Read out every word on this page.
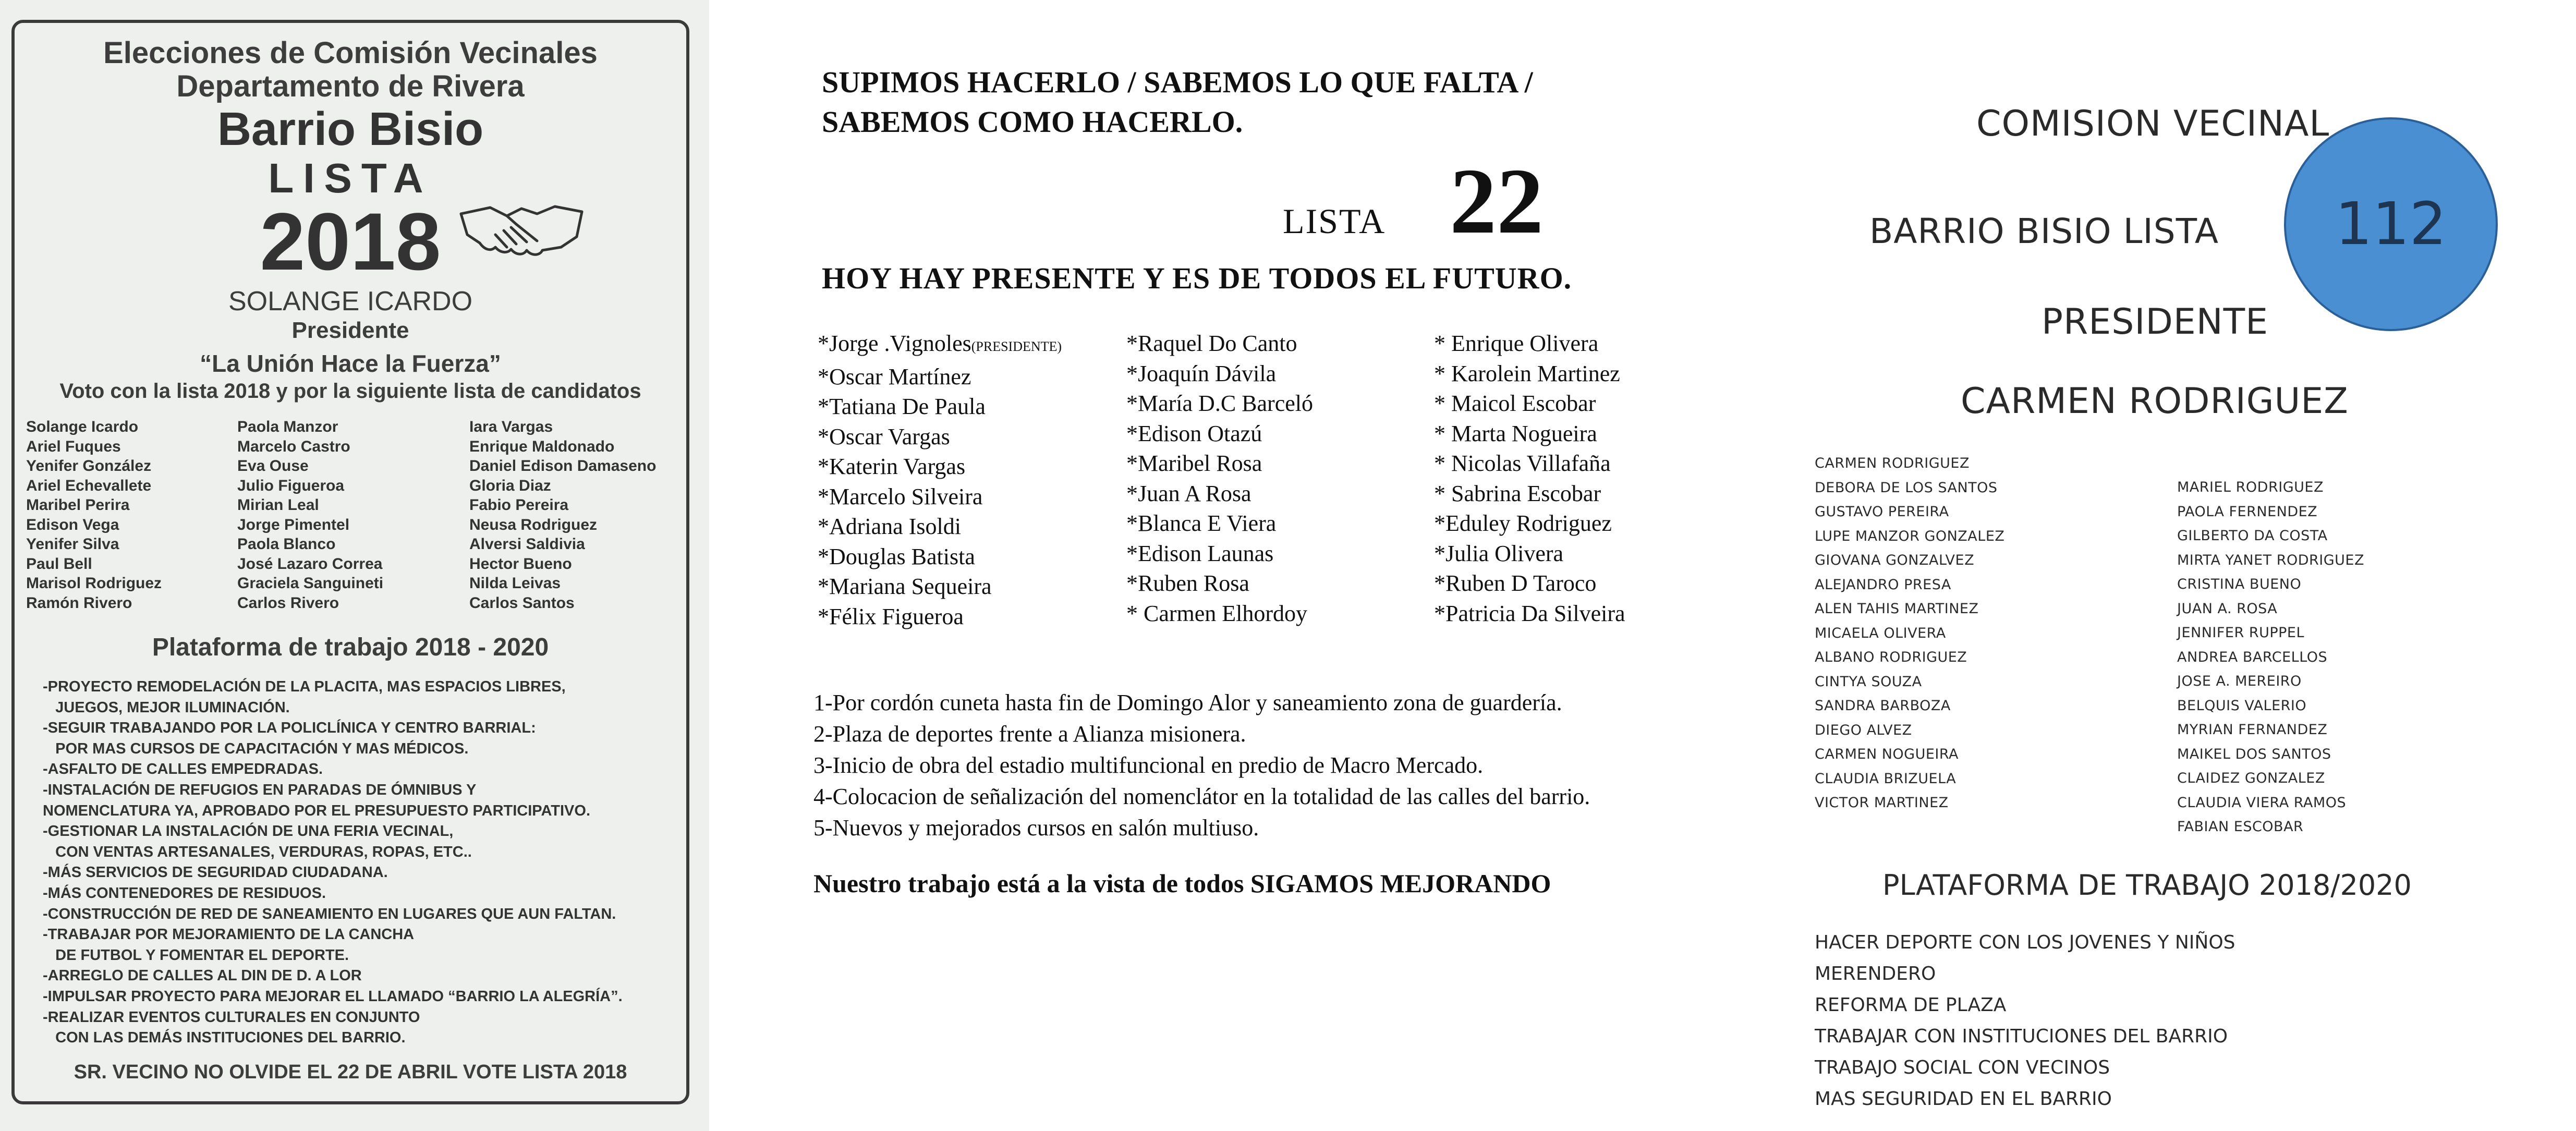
Elecciones de Comisión Vecinales
Departamento de Rivera
Barrio Bisio
LISTA
2018
SOLANGE ICARDO
Presidente
“La Unión Hace la Fuerza”
Voto con la lista 2018 y por la siguiente lista de candidatos
Solange Icardo
Ariel Fuques
Yenifer González
Ariel Echevallete
Maribel Perira
Edison Vega
Yenifer Silva
Paul Bell
Marisol Rodriguez
Ramón Rivero
Paola Manzor
Marcelo Castro
Eva Ouse
Julio Figueroa
Mirian Leal
Jorge Pimentel
Paola Blanco
José Lazaro Correa
Graciela Sanguineti
Carlos Rivero
Iara Vargas
Enrique Maldonado
Daniel Edison Damaseno
Gloria Diaz
Fabio Pereira
Neusa Rodriguez
Alversi Saldivia
Hector Bueno
Nilda Leivas
Carlos Santos
Plataforma de trabajo 2018 - 2020
-PROYECTO REMODELACIÓN DE LA PLACITA, MAS ESPACIOS LIBRES,
JUEGOS, MEJOR ILUMINACIÓN.
-SEGUIR TRABAJANDO POR LA POLICLÍNICA Y CENTRO BARRIAL:
POR MAS CURSOS DE CAPACITACIÓN Y MAS MÉDICOS.
-ASFALTO DE CALLES EMPEDRADAS.
-INSTALACIÓN DE REFUGIOS EN PARADAS DE ÓMNIBUS Y
NOMENCLATURA YA, APROBADO POR EL PRESUPUESTO PARTICIPATIVO.
-GESTIONAR LA INSTALACIÓN DE UNA FERIA VECINAL,
CON VENTAS ARTESANALES, VERDURAS, ROPAS, ETC..
-MÁS SERVICIOS DE SEGURIDAD CIUDADANA.
-MÁS CONTENEDORES DE RESIDUOS.
-CONSTRUCCIÓN DE RED DE SANEAMIENTO EN LUGARES QUE AUN FALTAN.
-TRABAJAR POR MEJORAMIENTO DE LA CANCHA
DE FUTBOL Y FOMENTAR EL DEPORTE.
-ARREGLO DE CALLES AL DIN DE D. A LOR
-IMPULSAR PROYECTO PARA MEJORAR EL LLAMADO “BARRIO LA ALEGRÍA”.
-REALIZAR EVENTOS CULTURALES EN CONJUNTO
CON LAS DEMÁS INSTITUCIONES DEL BARRIO.
SR. VECINO NO OLVIDE EL 22 DE ABRIL VOTE LISTA 2018
SUPIMOS HACERLO / SABEMOS LO QUE FALTA /
SABEMOS COMO HACERLO.
LISTA 22
HOY HAY PRESENTE Y ES DE TODOS EL FUTURO.
*Jorge .Vignoles(PRESIDENTE)
*Oscar Martínez
*Tatiana De Paula
*Oscar Vargas
*Katerin Vargas
*Marcelo Silveira
*Adriana Isoldi
*Douglas Batista
*Mariana Sequeira
*Félix Figueroa
*Raquel Do Canto
*Joaquín Dávila
*María D.C Barceló
*Edison Otazú
*Maribel Rosa
*Juan A Rosa
*Blanca E Viera
*Edison Launas
*Ruben Rosa
* Carmen Elhordoy
* Enrique Olivera
* Karolein Martinez
* Maicol Escobar
* Marta Nogueira
* Nicolas Villafaña
* Sabrina Escobar
*Eduley Rodriguez
*Julia Olivera
*Ruben D Taroco
*Patricia Da Silveira
1-Por cordón cuneta hasta fin de Domingo Alor y saneamiento zona de guardería.
2-Plaza de deportes frente a Alianza misionera.
3-Inicio de obra del estadio multifuncional en predio de Macro Mercado.
4-Colocacion de señalización del nomenclátor en la totalidad de las calles del barrio.
5-Nuevos y mejorados cursos en salón multiuso.
Nuestro trabajo está a la vista de todos SIGAMOS MEJORANDO
112
COMISION VECINAL
BARRIO BISIO LISTA
PRESIDENTE
CARMEN RODRIGUEZ
CARMEN RODRIGUEZ
DEBORA DE LOS SANTOS
GUSTAVO PEREIRA
LUPE MANZOR GONZALEZ
GIOVANA GONZALVEZ
ALEJANDRO PRESA
ALEN TAHIS MARTINEZ
MICAELA OLIVERA
ALBANO RODRIGUEZ
CINTYA SOUZA
SANDRA BARBOZA
DIEGO ALVEZ
CARMEN NOGUEIRA
CLAUDIA BRIZUELA
VICTOR MARTINEZ
MARIEL RODRIGUEZ
PAOLA FERNENDEZ
GILBERTO DA COSTA
MIRTA YANET RODRIGUEZ
CRISTINA BUENO
JUAN A. ROSA
JENNIFER RUPPEL
ANDREA BARCELLOS
JOSE A. MEREIRO
BELQUIS VALERIO
MYRIAN FERNANDEZ
MAIKEL DOS SANTOS
CLAIDEZ GONZALEZ
CLAUDIA VIERA RAMOS
FABIAN ESCOBAR
PLATAFORMA DE TRABAJO 2018/2020
HACER DEPORTE CON LOS JOVENES Y NIÑOS
MERENDERO
REFORMA DE PLAZA
TRABAJAR CON INSTITUCIONES DEL BARRIO
TRABAJO SOCIAL CON VECINOS
MAS SEGURIDAD EN EL BARRIO
